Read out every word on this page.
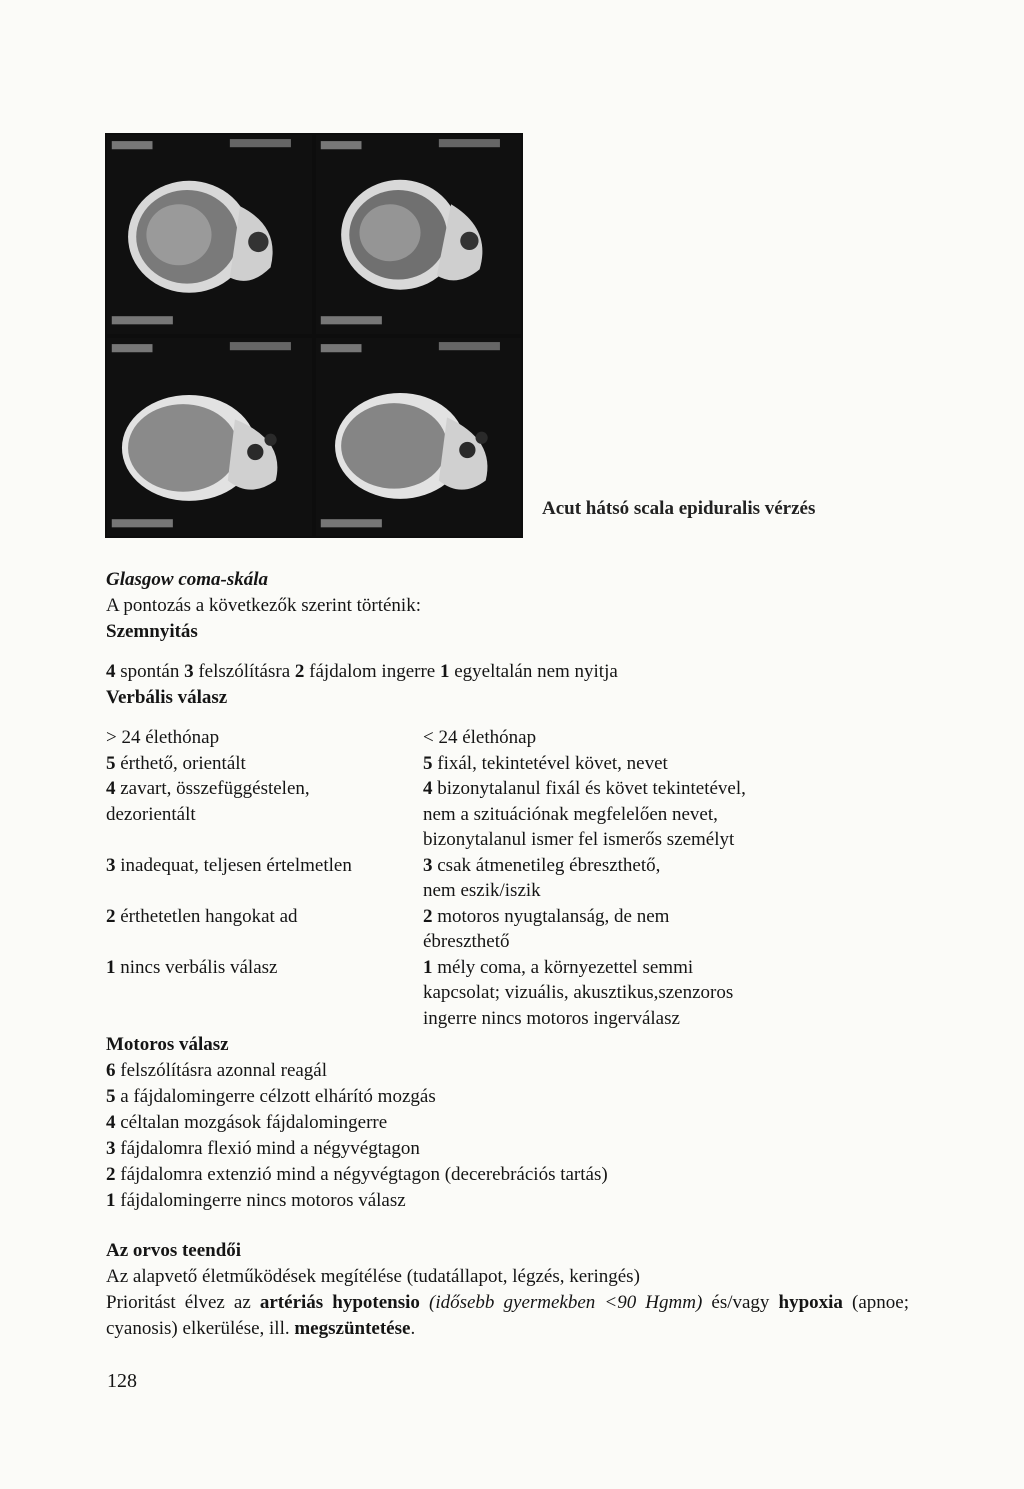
Acut hátsó scala epiduralis vérzés
Glasgow coma-skála
A pontozás a következők szerint történik:
Szemnyitás
4 spontán 3 felszólításra 2 fájdalom ingerre 1 egyeltalán nem nyitja
Verbális válasz
> 24 élethónap
5 érthető, orientált
4 zavart, összefüggéstelen,
dezorientált
3 inadequat, teljesen értelmetlen
2 érthetetlen hangokat ad
1 nincs verbális válasz
< 24 élethónap
5 fixál, tekintetével követ, nevet
4 bizonytalanul fixál és követ tekintetével,
nem a szituációnak megfelelően nevet,
bizonytalanul ismer fel ismerős személyt
3 csak átmenetileg ébreszthető,
nem eszik/iszik
2 motoros nyugtalanság, de nem
ébreszthető
1 mély coma, a környezettel semmi
kapcsolat; vizuális, akusztikus,szenzoros
ingerre nincs motoros ingerválasz
Motoros válasz
6 felszólításra azonnal reagál
5 a fájdalomingerre célzott elhárító mozgás
4 céltalan mozgások fájdalomingerre
3 fájdalomra flexió mind a négyvégtagon
2 fájdalomra extenzió mind a négyvégtagon (decerebrációs tartás)
1 fájdalomingerre nincs motoros válasz
Az orvos teendői
Az alapvető életműködések megítélése (tudatállapot, légzés, keringés)
Prioritást élvez az artériás hypotensio (idősebb gyermekben <90 Hgmm) és/vagy hypoxia (apnoe; cyanosis) elkerülése, ill. megszüntetése.
128
